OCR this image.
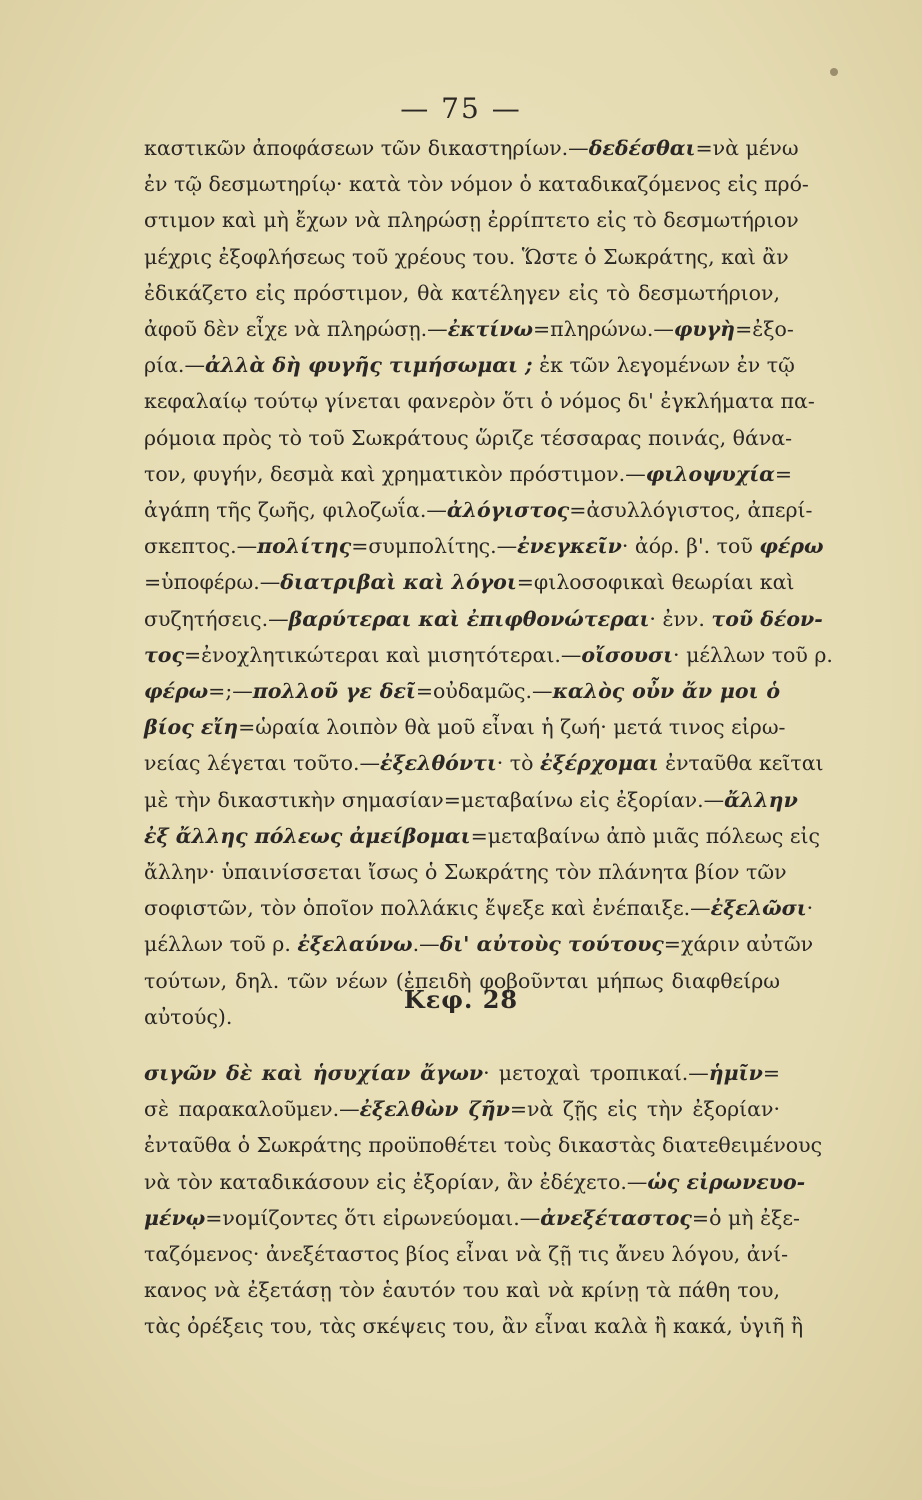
— 75 —
καστικῶν ἀποφάσεων τῶν δικαστηρίων.—δεδέσθαι=νὰ μένω
ἐν τῷ δεσμωτηρίῳ· κατὰ τὸν νόμον ὁ καταδικαζόμενος εἰς πρό-
στιμον καὶ μὴ ἔχων νὰ πληρώσῃ ἐρρίπτετο εἰς τὸ δεσμωτήριον
μέχρις ἐξοφλήσεως τοῦ χρέους του. Ὥστε ὁ Σωκράτης, καὶ ἂν
ἐδικάζετο εἰς πρόστιμον, θὰ κατέληγεν εἰς τὸ δεσμωτήριον,
ἀφοῦ δὲν εἶχε νὰ πληρώσῃ.—ἐκτίνω=πληρώνω.—φυγὴ=ἐξο-
ρία.—ἀλλὰ δὴ φυγῆς τιμήσωμαι ; ἐκ τῶν λεγομένων ἐν τῷ
κεφαλαίῳ τούτῳ γίνεται φανερὸν ὅτι ὁ νόμος δι' ἐγκλήματα πα-
ρόμοια πρὸς τὸ τοῦ Σωκράτους ὥριζε τέσσαρας ποινάς, θάνα-
τον, φυγήν, δεσμὰ καὶ χρηματικὸν πρόστιμον.—φιλοψυχία=
ἀγάπη τῆς ζωῆς, φιλοζωΐα.—ἀλόγιστος=ἀσυλλόγιστος, ἀπερί-
σκεπτος.—πολίτης=συμπολίτης.—ἐνεγκεῖν· ἀόρ. β'. τοῦ φέρω
=ὑποφέρω.—διατριβαὶ καὶ λόγοι=φιλοσοφικαὶ θεωρίαι καὶ
συζητήσεις.—βαρύτεραι καὶ ἐπιφθονώτεραι· ἐνν. τοῦ δέον-
τος=ἐνοχλητικώτεραι καὶ μισητότεραι.—οἴσουσι· μέλλων τοῦ ρ.
φέρω=;—πολλοῦ γε δεῖ=οὐδαμῶς.—καλὸς οὖν ἄν μοι ὁ
βίος εἴη=ὡραία λοιπὸν θὰ μοῦ εἶναι ἡ ζωή· μετά τινος εἰρω-
νείας λέγεται τοῦτο.—ἐξελθόντι· τὸ ἐξέρχομαι ἐνταῦθα κεῖται
μὲ τὴν δικαστικὴν σημασίαν=μεταβαίνω εἰς ἐξορίαν.—ἄλλην
ἐξ ἄλλης πόλεως ἀμείβομαι=μεταβαίνω ἀπὸ μιᾶς πόλεως εἰς
ἄλλην· ὑπαινίσσεται ἴσως ὁ Σωκράτης τὸν πλάνητα βίον τῶν
σοφιστῶν, τὸν ὁποῖον πολλάκις ἔψεξε καὶ ἐνέπαιξε.—ἐξελῶσι·
μέλλων τοῦ ρ. ἐξελαύνω.—δι' αὐτοὺς τούτους=χάριν αὐτῶν
τούτων, δηλ. τῶν νέων (ἐπειδὴ φοβοῦνται μήπως διαφθείρω
αὐτούς).
Κεφ. 28
σιγῶν δὲ καὶ ἡσυχίαν ἄγων· μετοχαὶ τροπικαί.—ἡμῖν=
σὲ παρακαλοῦμεν.—ἐξελθὼν ζῆν=νὰ ζῇς εἰς τὴν ἐξορίαν·
ἐνταῦθα ὁ Σωκράτης προϋποθέτει τοὺς δικαστὰς διατεθειμένους
νὰ τὸν καταδικάσουν εἰς ἐξορίαν, ἂν ἐδέχετο.—ὡς εἰρωνευο-
μένῳ=νομίζοντες ὅτι εἰρωνεύομαι.—ἀνεξέταστος=ὁ μὴ ἐξε-
ταζόμενος· ἀνεξέταστος βίος εἶναι νὰ ζῇ τις ἄνευ λόγου, ἀνί-
κανος νὰ ἐξετάσῃ τὸν ἑαυτόν του καὶ νὰ κρίνῃ τὰ πάθη του,
τὰς ὀρέξεις του, τὰς σκέψεις του, ἂν εἶναι καλὰ ἢ κακά, ὑγιῆ ἢ
